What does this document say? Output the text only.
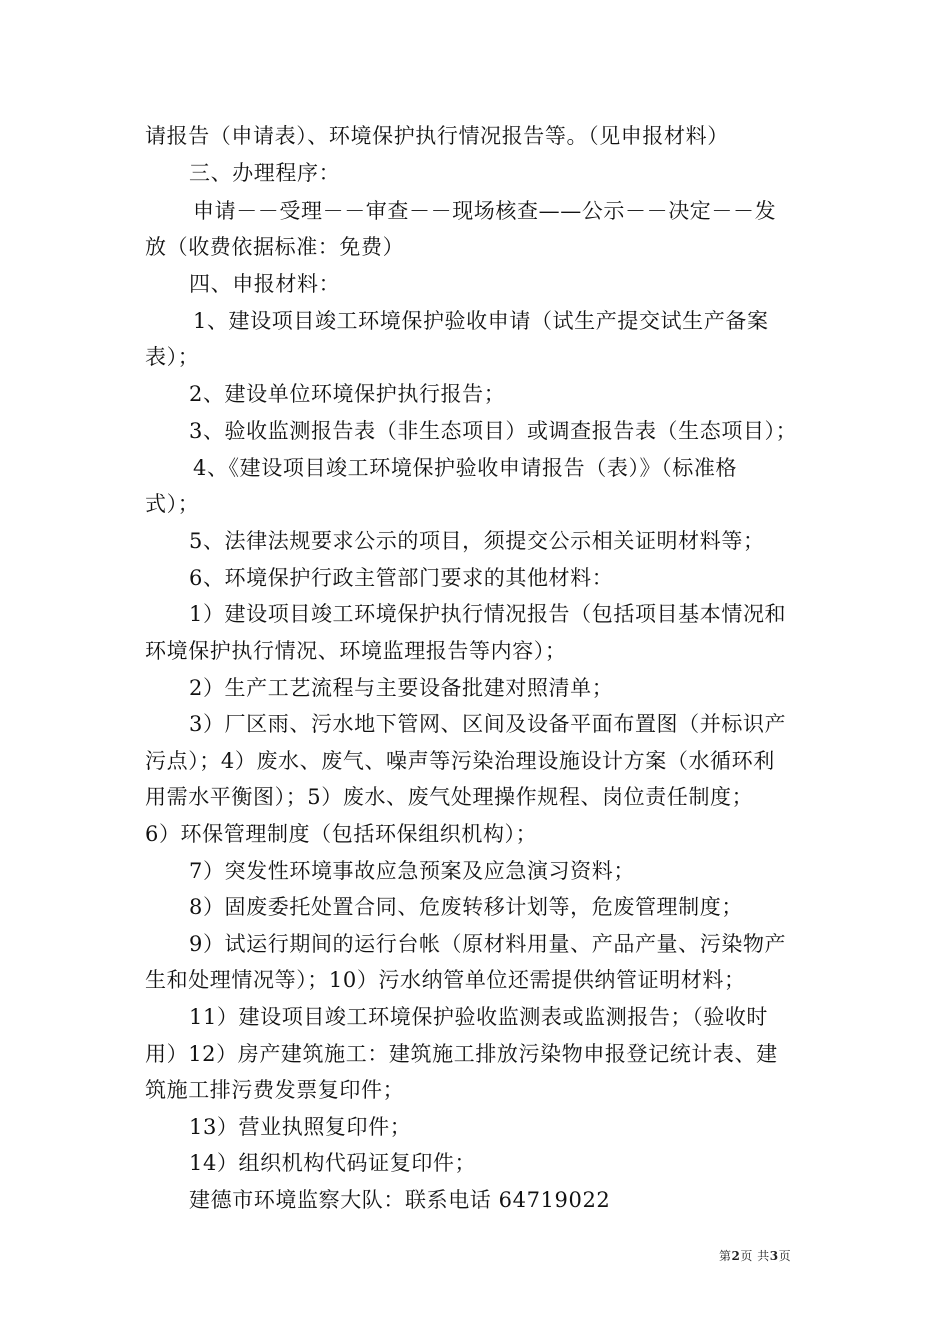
请报告（申请表）、环境保护执行情况报告等。（见申报材料）
三、办理程序：
申请－－受理－－审查－－现场核查——公示－－决定－－发
放（收费依据标准：免费）
四、申报材料：
1、建设项目竣工环境保护验收申请（试生产提交试生产备案
表）；
2、建设单位环境保护执行报告；
3、验收监测报告表（非生态项目）或调查报告表（生态项目）；
4、《建设项目竣工环境保护验收申请报告（表）》（标准格
式）；
5、法律法规要求公示的项目，须提交公示相关证明材料等；
6、环境保护行政主管部门要求的其他材料：
1）建设项目竣工环境保护执行情况报告（包括项目基本情况和
环境保护执行情况、环境监理报告等内容）；
2）生产工艺流程与主要设备批建对照清单；
3）厂区雨、污水地下管网、区间及设备平面布置图（并标识产
污点）；4）废水、废气、噪声等污染治理设施设计方案（水循环利
用需水平衡图）；5）废水、废气处理操作规程、岗位责任制度；
6）环保管理制度（包括环保组织机构）；
7）突发性环境事故应急预案及应急演习资料；
8）固废委托处置合同、危废转移计划等，危废管理制度；
9）试运行期间的运行台帐（原材料用量、产品产量、污染物产
生和处理情况等）；10）污水纳管单位还需提供纳管证明材料；
11）建设项目竣工环境保护验收监测表或监测报告；（验收时
用）12）房产建筑施工：建筑施工排放污染物申报登记统计表、建
筑施工排污费发票复印件；
13）营业执照复印件；
14）组织机构代码证复印件；
建德市环境监察大队：联系电话 64719022
第2页 共3页
